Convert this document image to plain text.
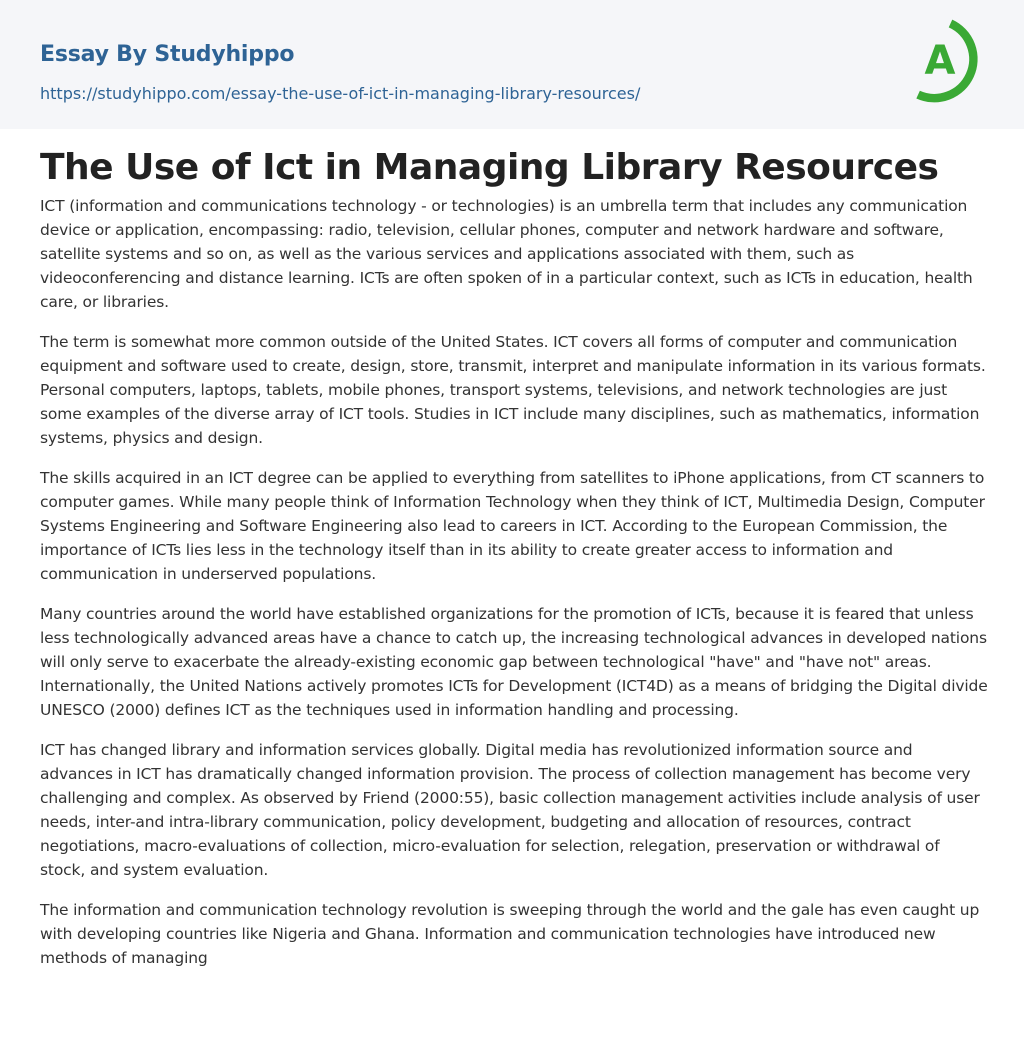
Essay By Studyhippo
https://studyhippo.com/essay-the-use-of-ict-in-managing-library-resources/
A
The Use of Ict in Managing Library Resources

ICT (information and communications technology - or technologies) is an umbrella term that includes any communication device or application, encompassing: radio, television, cellular phones, computer and network hardware and software, satellite systems and so on, as well as the various services and applications associated with them, such as videoconferencing and distance learning. ICTs are often spoken of in a particular context, such as ICTs in education, health care, or libraries.

The term is somewhat more common outside of the United States. ICT covers all forms of computer and communication equipment and software used to create, design, store, transmit, interpret and manipulate information in its various formats. Personal computers, laptops, tablets, mobile phones, transport systems, televisions, and network technologies are just some examples of the diverse array of ICT tools. Studies in ICT include many disciplines, such as mathematics, information systems, physics and design.

The skills acquired in an ICT degree can be applied to everything from satellites to iPhone applications, from CT scanners to computer games. While many people think of Information Technology when they think of ICT, Multimedia Design, Computer Systems Engineering and Software Engineering also lead to careers in ICT. According to the European Commission, the importance of ICTs lies less in the technology itself than in its ability to create greater access to information and communication in underserved populations.

Many countries around the world have established organizations for the promotion of ICTs, because it is feared that unless less technologically advanced areas have a chance to catch up, the increasing technological advances in developed nations will only serve to exacerbate the already-existing economic gap between technological "have" and "have not" areas. Internationally, the United Nations actively promotes ICTs for Development (ICT4D) as a means of bridging the Digital divide UNESCO (2000) defines ICT as the techniques used in information handling and processing.

ICT has changed library and information services globally. Digital media has revolutionized information source and advances in ICT has dramatically changed information provision. The process of collection management has become very challenging and complex. As observed by Friend (2000:55), basic collection management activities include analysis of user needs, inter-and intra-library communication, policy development, budgeting and allocation of resources, contract negotiations, macro-evaluations of collection, micro-evaluation for selection, relegation, preservation or withdrawal of stock, and system evaluation.

The information and communication technology revolution is sweeping through the world and the gale has even caught up with developing countries like Nigeria and Ghana. Information and communication technologies have introduced new methods of managing
